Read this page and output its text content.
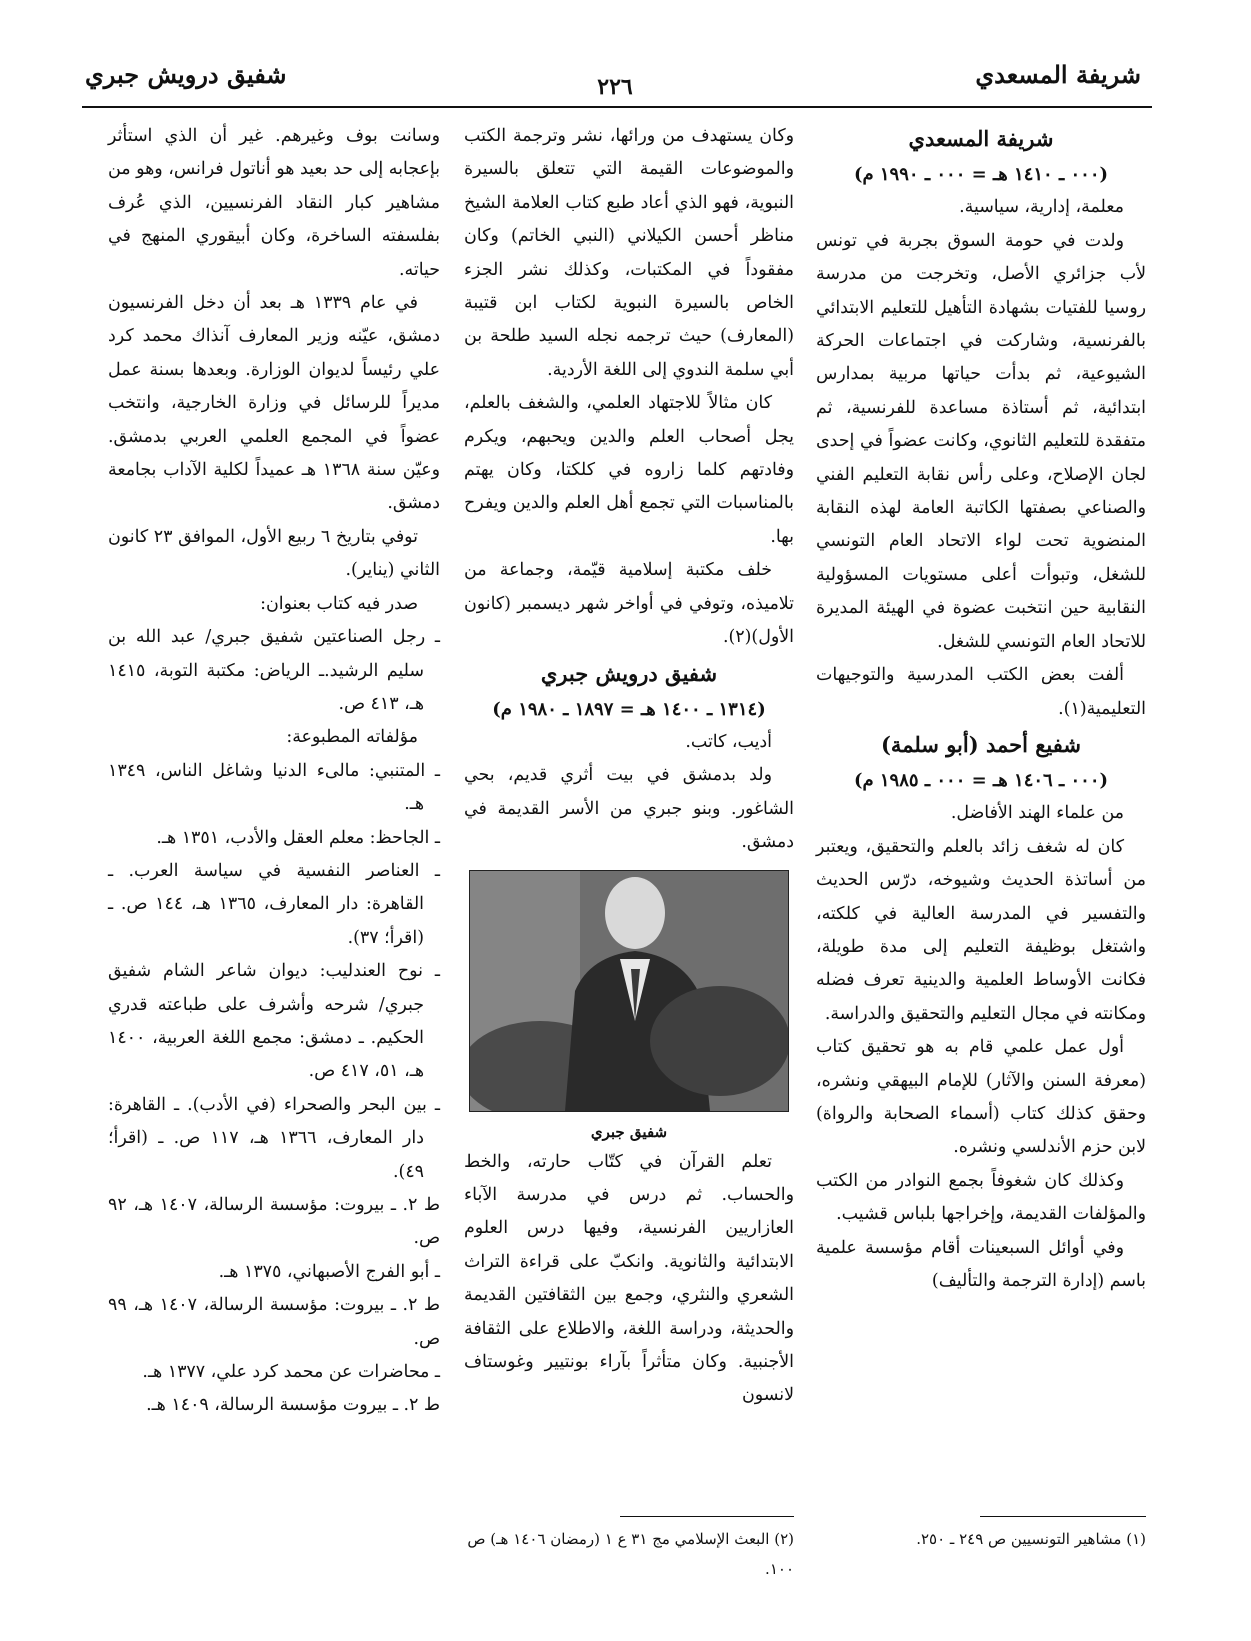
شريفة المسعدي
٢٢٦
شفيق درويش جبري

شريفة المسعدي

(٠٠٠ ـ ١٤١٠ هـ = ٠٠٠ ـ ١٩٩٠ م)

معلمة، إدارية، سياسية.

ولدت في حومة السوق بجربة في تونس لأب جزائري الأصل، وتخرجت من مدرسة روسيا للفتيات بشهادة التأهيل للتعليم الابتدائي بالفرنسية، وشاركت في اجتماعات الحركة الشيوعية، ثم بدأت حياتها مربية بمدارس ابتدائية، ثم أستاذة مساعدة للفرنسية، ثم متفقدة للتعليم الثانوي، وكانت عضواً في إحدى لجان الإصلاح، وعلى رأس نقابة التعليم الفني والصناعي بصفتها الكاتبة العامة لهذه النقابة المنضوية تحت لواء الاتحاد العام التونسي للشغل، وتبوأت أعلى مستويات المسؤولية النقابية حين انتخبت عضوة في الهيئة المديرة للاتحاد العام التونسي للشغل.

ألفت بعض الكتب المدرسية والتوجيهات التعليمية(١).

شفيع أحمد (أبو سلمة)

(٠٠٠ ـ ١٤٠٦ هـ = ٠٠٠ ـ ١٩٨٥ م)

من علماء الهند الأفاضل.

كان له شغف زائد بالعلم والتحقيق، ويعتبر من أساتذة الحديث وشيوخه، درّس الحديث والتفسير في المدرسة العالية في كلكته، واشتغل بوظيفة التعليم إلى مدة طويلة، فكانت الأوساط العلمية والدينية تعرف فضله ومكانته في مجال التعليم والتحقيق والدراسة.

أول عمل علمي قام به هو تحقيق كتاب (معرفة السنن والآثار) للإمام البيهقي ونشره، وحقق كذلك كتاب (أسماء الصحابة والرواة) لابن حزم الأندلسي ونشره.

وكذلك كان شغوفاً بجمع النوادر من الكتب والمؤلفات القديمة، وإخراجها بلباس قشيب.

وفي أوائل السبعينات أقام مؤسسة علمية باسم (إدارة الترجمة والتأليف)

(١) مشاهير التونسيين ص ٢٤٩ ـ ٢٥٠.

وكان يستهدف من ورائها، نشر وترجمة الكتب والموضوعات القيمة التي تتعلق بالسيرة النبوية، فهو الذي أعاد طبع كتاب العلامة الشيخ مناظر أحسن الكيلاني (النبي الخاتم) وكان مفقوداً في المكتبات، وكذلك نشر الجزء الخاص بالسيرة النبوية لكتاب ابن قتيبة (المعارف) حيث ترجمه نجله السيد طلحة بن أبي سلمة الندوي إلى اللغة الأردية.

كان مثالاً للاجتهاد العلمي، والشغف بالعلم، يجل أصحاب العلم والدين ويحبهم، ويكرم وفادتهم كلما زاروه في كلكتا، وكان يهتم بالمناسبات التي تجمع أهل العلم والدين ويفرح بها.

خلف مكتبة إسلامية قيّمة، وجماعة من تلاميذه، وتوفي في أواخر شهر ديسمبر (كانون الأول)(٢).

شفيق درويش جبري

(١٣١٤ ـ ١٤٠٠ هـ = ١٨٩٧ ـ ١٩٨٠ م)

أديب، كاتب.

ولد بدمشق في بيت أثري قديم، بحي الشاغور. وبنو جبري من الأسر القديمة في دمشق.

شفيق جبري

تعلم القرآن في كتّاب حارته، والخط والحساب. ثم درس في مدرسة الآباء العازاريين الفرنسية، وفيها درس العلوم الابتدائية والثانوية. وانكبّ على قراءة التراث الشعري والنثري، وجمع بين الثقافتين القديمة والحديثة، ودراسة اللغة، والاطلاع على الثقافة الأجنبية. وكان متأثراً بآراء بونتيير وغوستاف لانسون

(٢) البعث الإسلامي مج ٣١ ع ١ (رمضان ١٤٠٦ هـ) ص ١٠٠.

وسانت بوف وغيرهم. غير أن الذي استأثر بإعجابه إلى حد بعيد هو أناتول فرانس، وهو من مشاهير كبار النقاد الفرنسيين، الذي عُرف بفلسفته الساخرة، وكان أبيقوري المنهج في حياته.

في عام ١٣٣٩ هـ بعد أن دخل الفرنسيون دمشق، عيّنه وزير المعارف آنذاك محمد كرد علي رئيساً لديوان الوزارة. وبعدها بسنة عمل مديراً للرسائل في وزارة الخارجية، وانتخب عضواً في المجمع العلمي العربي بدمشق. وعيّن سنة ١٣٦٨ هـ عميداً لكلية الآداب بجامعة دمشق.

توفي بتاريخ ٦ ربيع الأول، الموافق ٢٣ كانون الثاني (يناير).

صدر فيه كتاب بعنوان:

ـ رجل الصناعتين شفيق جبري/ عبد الله بن سليم الرشيد.ـ الرياض: مكتبة التوبة، ١٤١٥ هـ، ٤١٣ ص.

مؤلفاته المطبوعة:

ـ المتنبي: مالىء الدنيا وشاغل الناس، ١٣٤٩ هـ.

ـ الجاحظ: معلم العقل والأدب، ١٣٥١ هـ.

ـ العناصر النفسية في سياسة العرب. ـ القاهرة: دار المعارف، ١٣٦٥ هـ، ١٤٤ ص. ـ (اقرأ؛ ٣٧).

ـ نوح العندليب: ديوان شاعر الشام شفيق جبري/ شرحه وأشرف على طباعته قدري الحكيم. ـ دمشق: مجمع اللغة العربية، ١٤٠٠ هـ، ٥١، ٤١٧ ص.

ـ بين البحر والصحراء (في الأدب). ـ القاهرة: دار المعارف، ١٣٦٦ هـ، ١١٧ ص. ـ (اقرأ؛ ٤٩).

ط ٢. ـ بيروت: مؤسسة الرسالة، ١٤٠٧ هـ، ٩٢ ص.

ـ أبو الفرج الأصبهاني، ١٣٧٥ هـ.

ط ٢. ـ بيروت: مؤسسة الرسالة، ١٤٠٧ هـ، ٩٩ ص.

ـ محاضرات عن محمد كرد علي، ١٣٧٧ هـ.

ط ٢. ـ بيروت مؤسسة الرسالة، ١٤٠٩ هـ.
